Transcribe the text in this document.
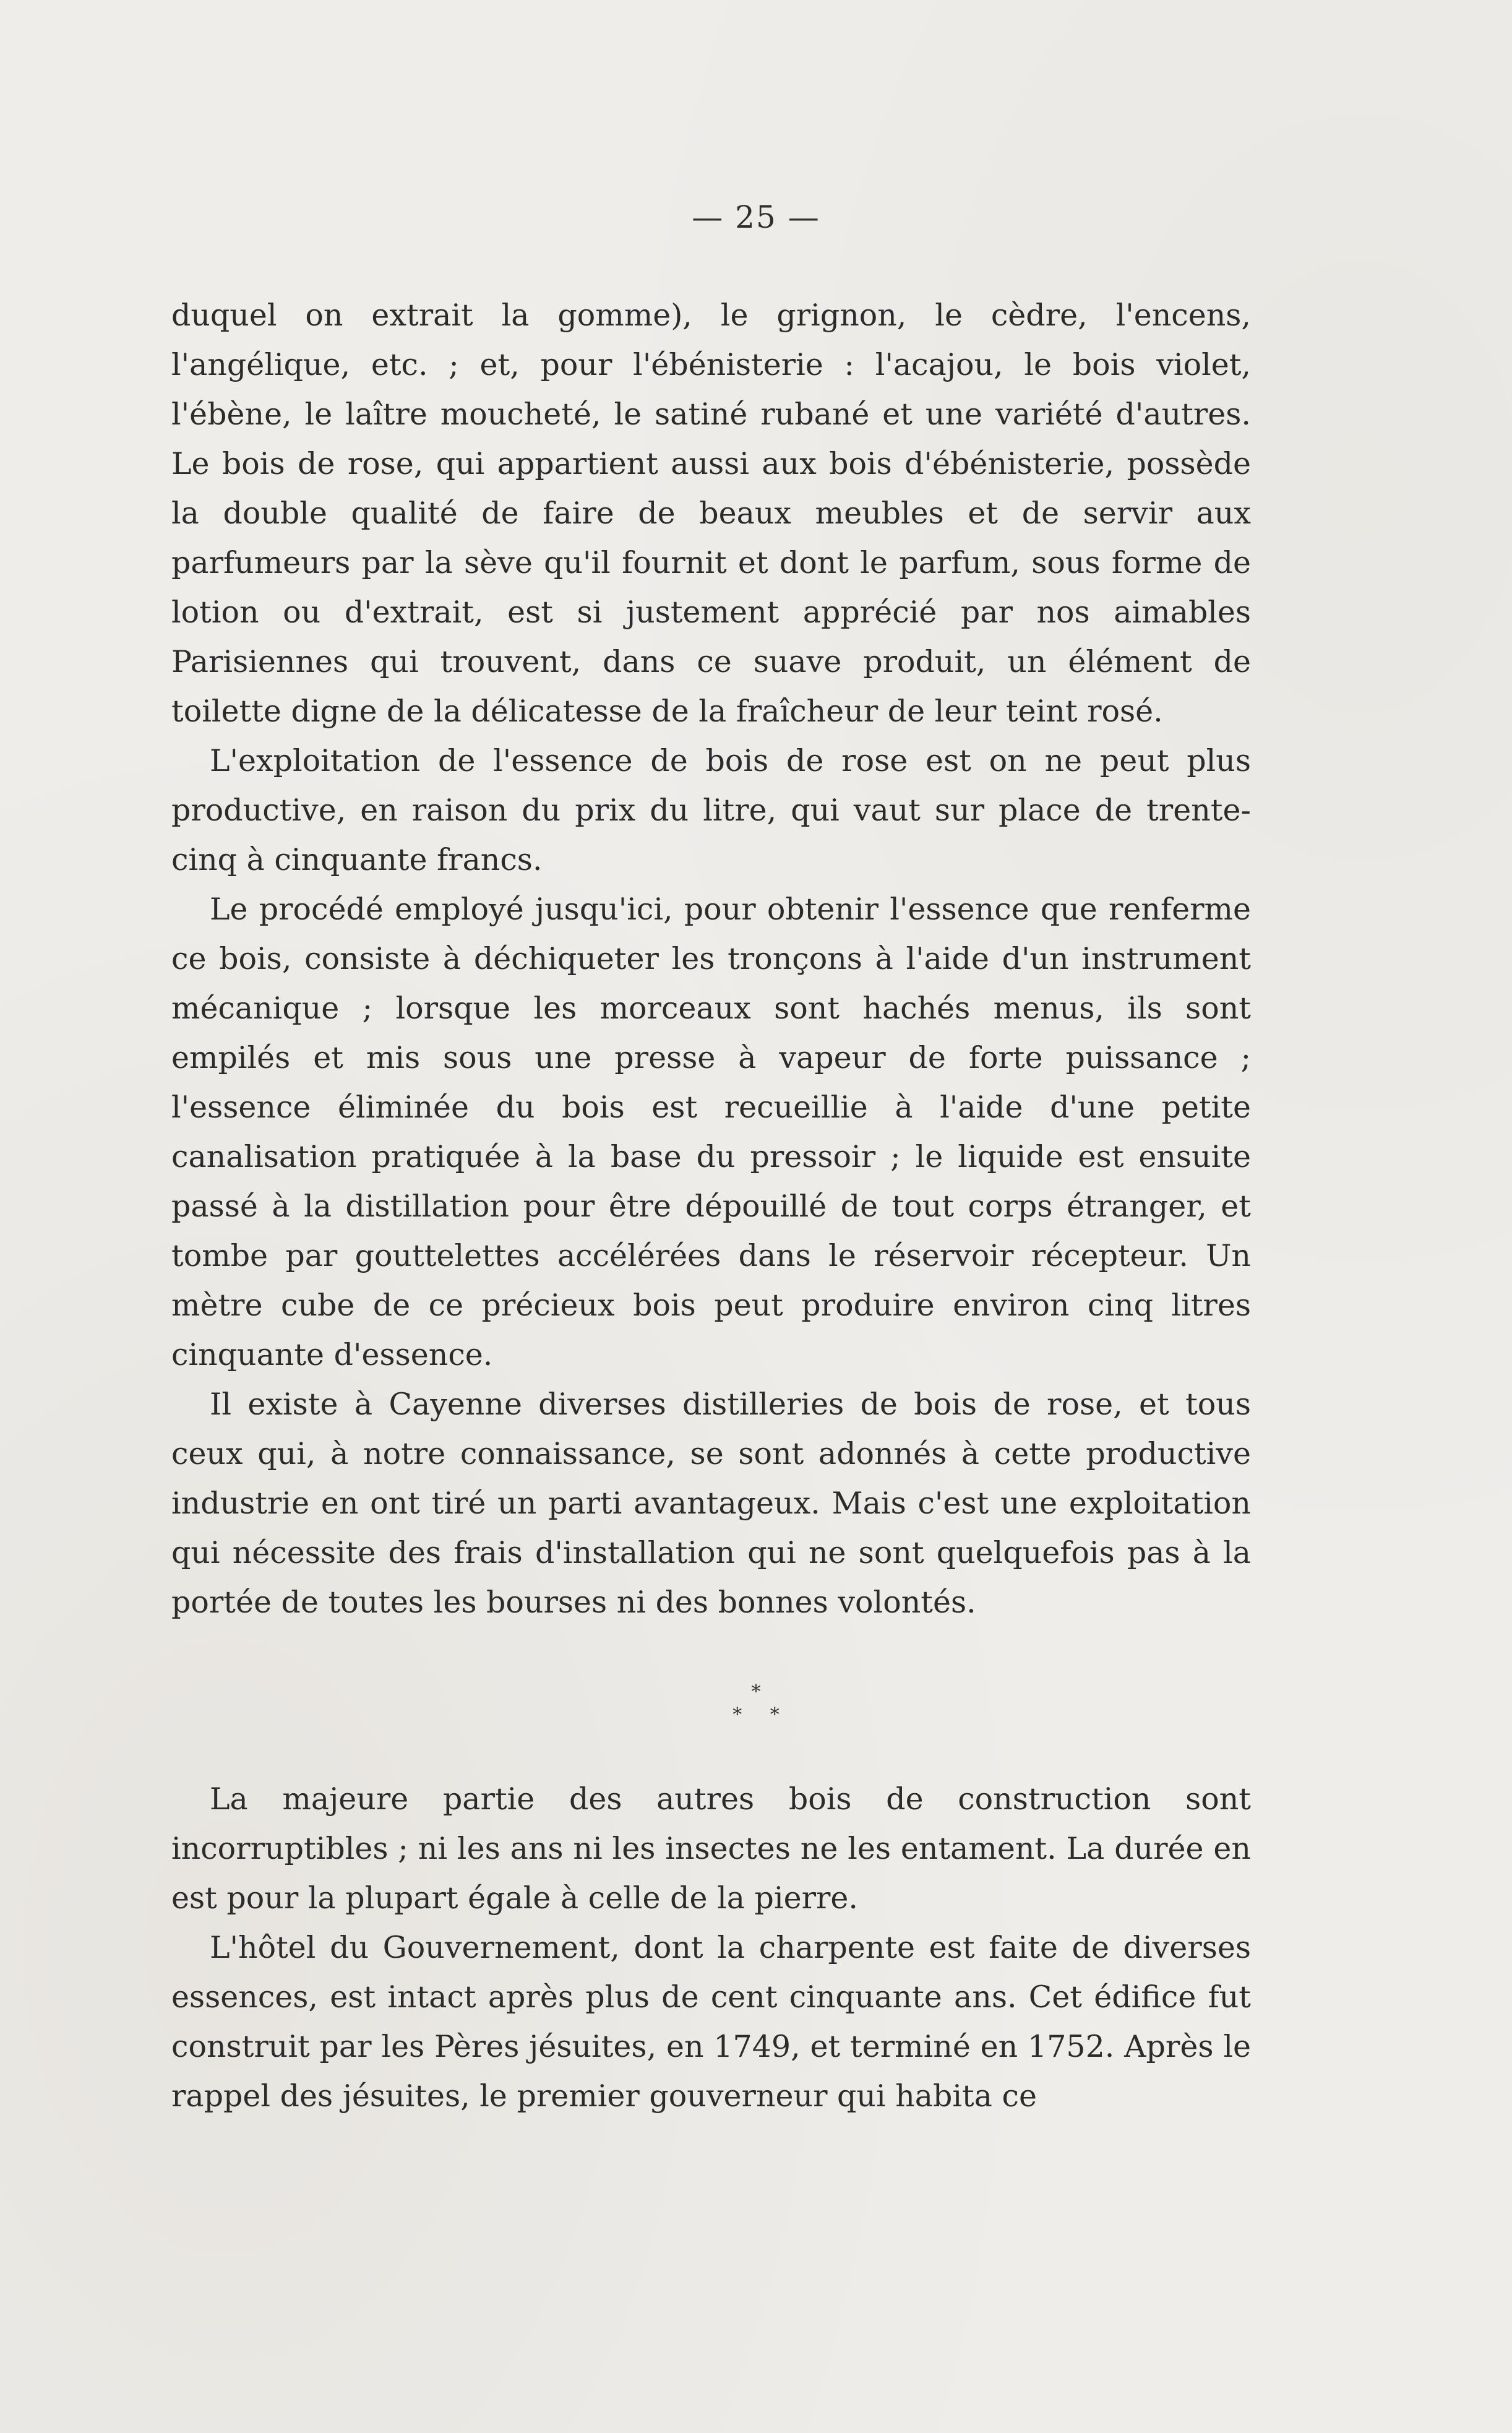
— 25 —

duquel on extrait la gomme), le grignon, le cèdre, l'encens, l'angélique, etc. ; et, pour l'ébénisterie : l'acajou, le bois violet, l'ébène, le laître moucheté, le satiné rubané et une variété d'autres. Le bois de rose, qui appartient aussi aux bois d'ébénisterie, possède la double qualité de faire de beaux meubles et de servir aux parfumeurs par la sève qu'il fournit et dont le parfum, sous forme de lotion ou d'extrait, est si justement apprécié par nos aimables Parisiennes qui trouvent, dans ce suave produit, un élément de toilette digne de la délicatesse de la fraîcheur de leur teint rosé.

L'exploitation de l'essence de bois de rose est on ne peut plus productive, en raison du prix du litre, qui vaut sur place de trente-cinq à cinquante francs.

Le procédé employé jusqu'ici, pour obtenir l'essence que renferme ce bois, consiste à déchiqueter les tronçons à l'aide d'un instrument mécanique ; lorsque les morceaux sont hachés menus, ils sont empilés et mis sous une presse à vapeur de forte puissance ; l'essence éliminée du bois est recueillie à l'aide d'une petite canalisation pratiquée à la base du pressoir ; le liquide est ensuite passé à la distillation pour être dépouillé de tout corps étranger, et tombe par gouttelettes accélérées dans le réservoir récepteur. Un mètre cube de ce précieux bois peut produire environ cinq litres cinquante d'essence.

Il existe à Cayenne diverses distilleries de bois de rose, et tous ceux qui, à notre connaissance, se sont adonnés à cette productive industrie en ont tiré un parti avantageux. Mais c'est une exploitation qui nécessite des frais d'installation qui ne sont quelquefois pas à la portée de toutes les bourses ni des bonnes volontés.

*
* *

La majeure partie des autres bois de construction sont incorruptibles ; ni les ans ni les insectes ne les entament. La durée en est pour la plupart égale à celle de la pierre.

L'hôtel du Gouvernement, dont la charpente est faite de diverses essences, est intact après plus de cent cinquante ans. Cet édifice fut construit par les Pères jésuites, en 1749, et terminé en 1752. Après le rappel des jésuites, le premier gouverneur qui habita ce
